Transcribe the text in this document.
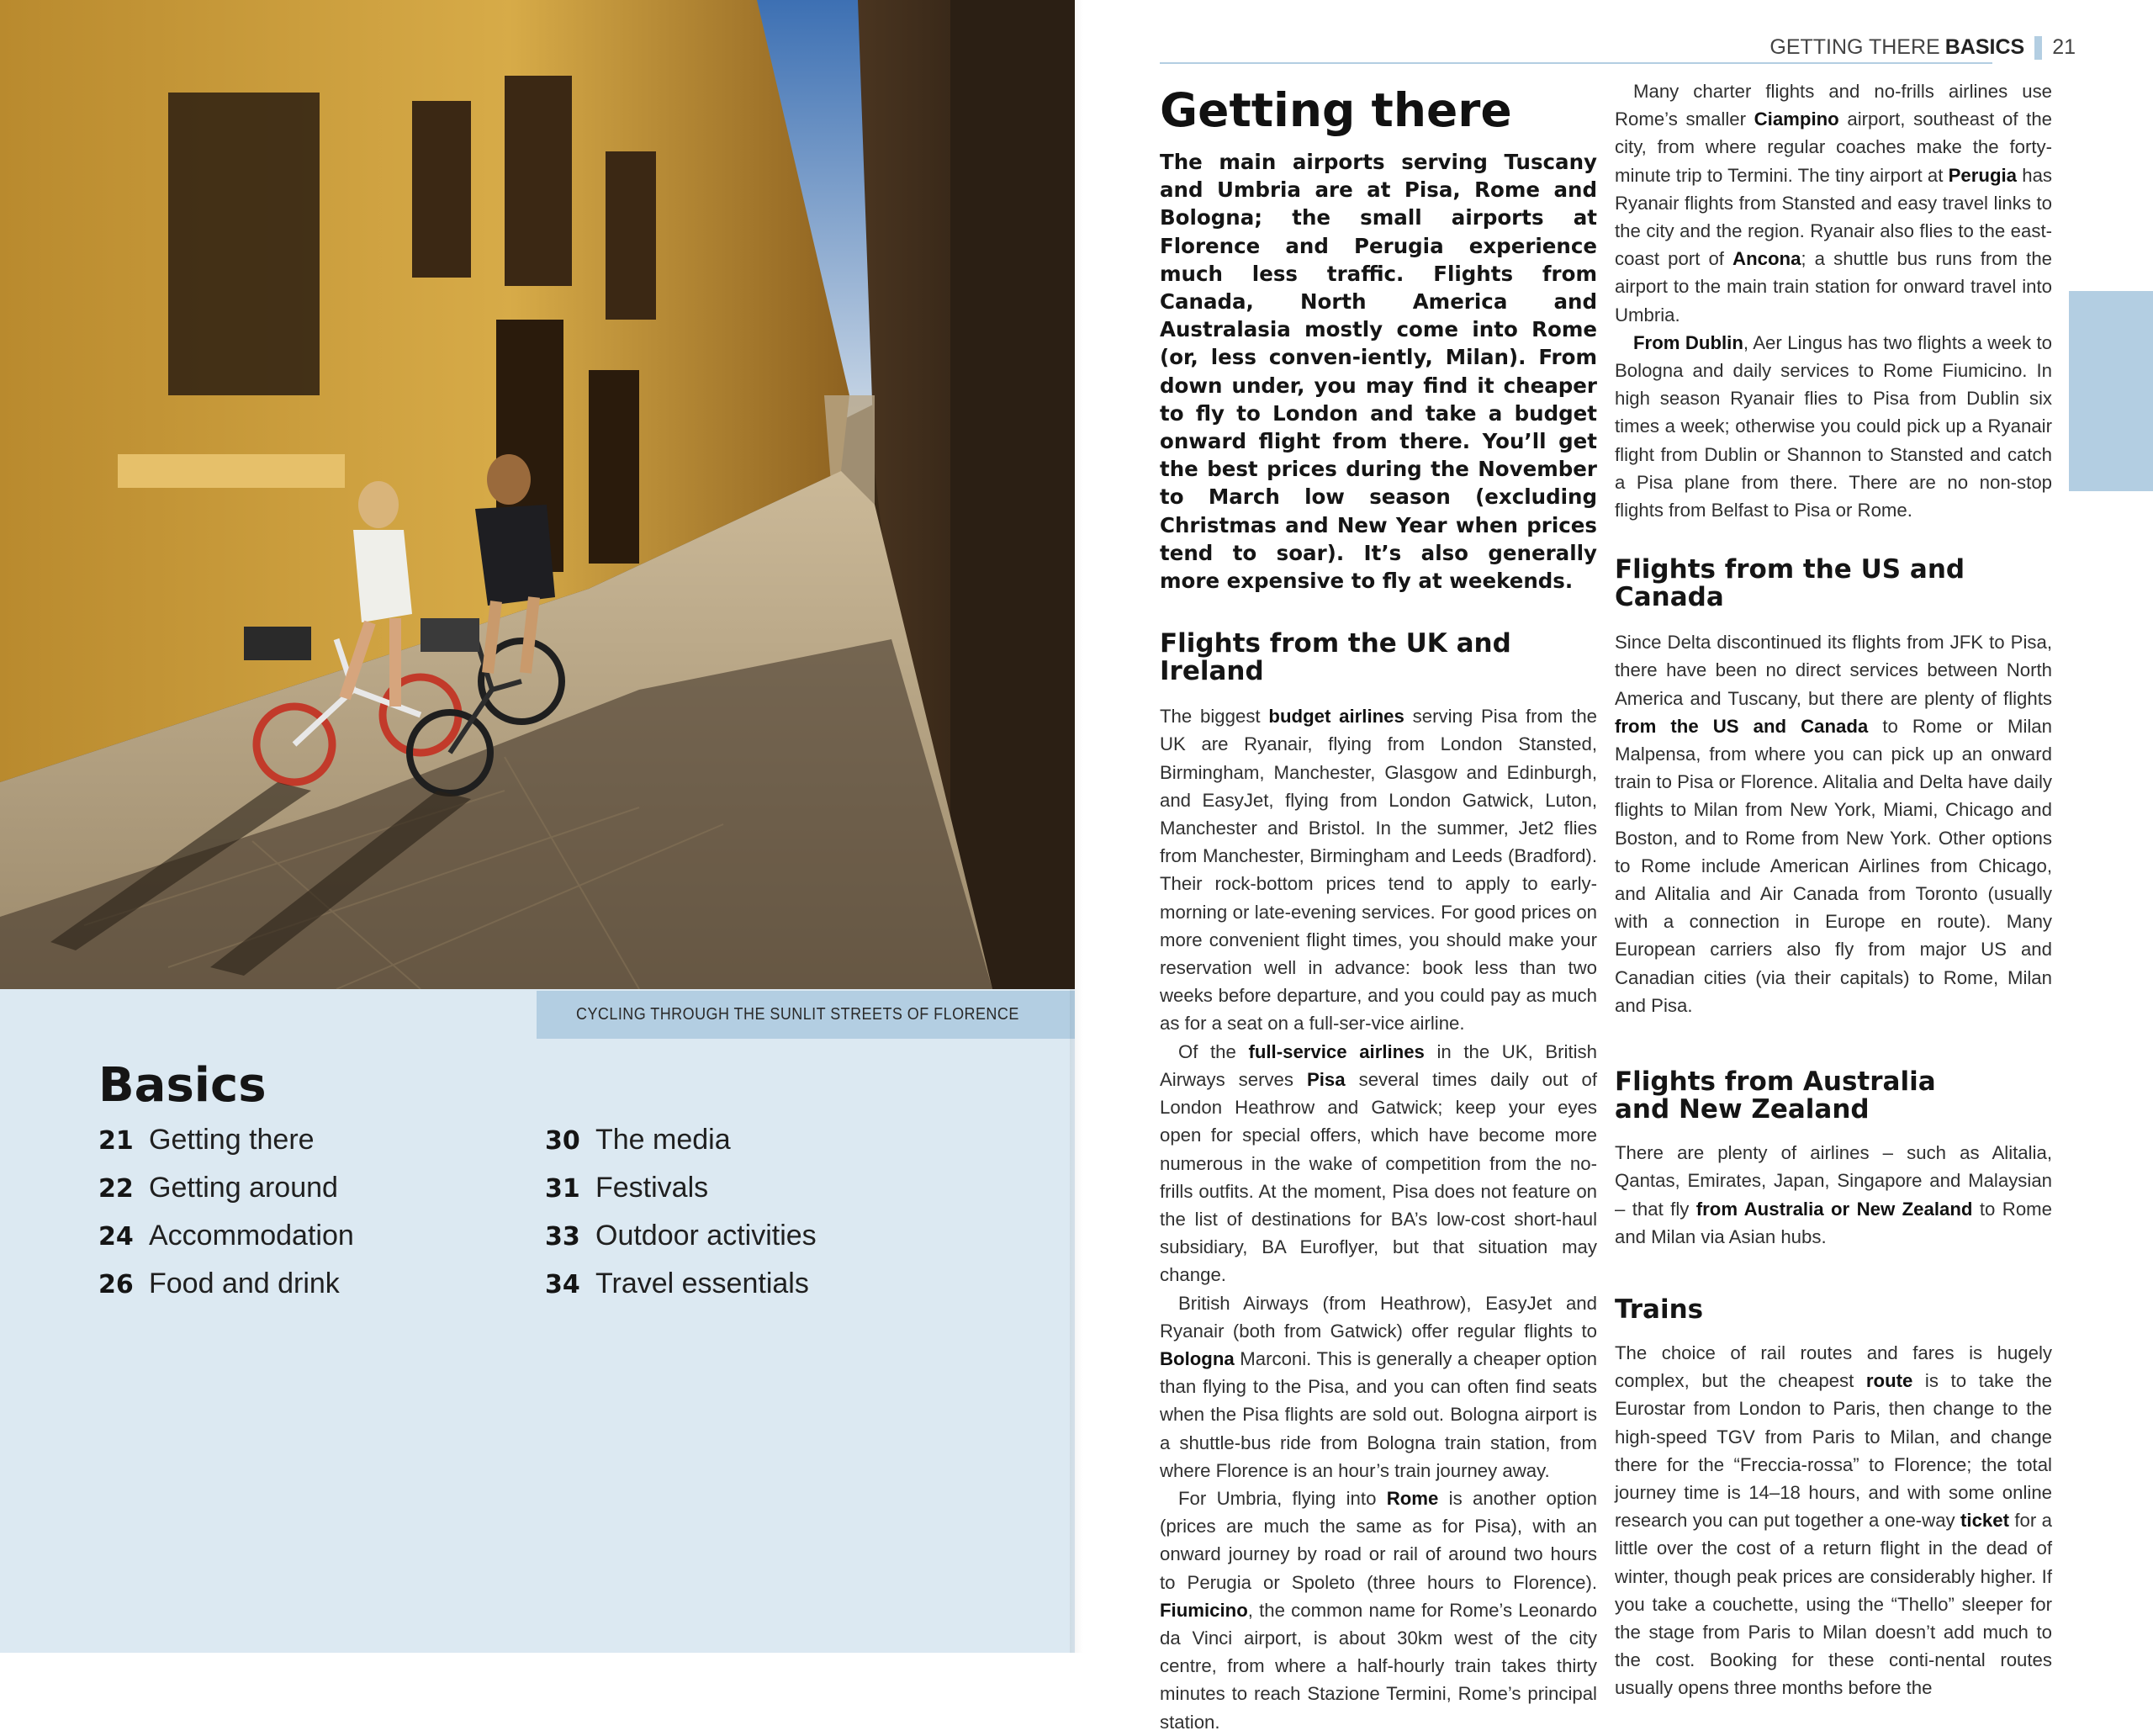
CYCLING THROUGH THE SUNLIT STREETS OF FLORENCE
Basics
21 Getting there
22 Getting around
24 Accommodation
26 Food and drink
30 The media
31 Festivals
33 Outdoor activities
34 Travel essentials
GETTING THERE BASICS 21
Getting there

The main airports serving Tuscany and Umbria are at Pisa, Rome and Bologna; the small airports at Florence and Perugia experience much less traffic. Flights from Canada, North America and Australasia mostly come into Rome (or, less conven-iently, Milan). From down under, you may find it cheaper to fly to London and take a budget onward flight from there. You’ll get the best prices during the November to March low season (excluding Christmas and New Year when prices tend to soar). It’s also generally more expensive to fly at weekends.

Flights from the UK and Ireland

The biggest budget airlines serving Pisa from the UK are Ryanair, flying from London Stansted, Birmingham, Manchester, Glasgow and Edinburgh, and EasyJet, flying from London Gatwick, Luton, Manchester and Bristol. In the summer, Jet2 flies from Manchester, Birmingham and Leeds (Bradford). Their rock-bottom prices tend to apply to early-morning or late-evening services. For good prices on more convenient flight times, you should make your reservation well in advance: book less than two weeks before departure, and you could pay as much as for a seat on a full-ser-vice airline.

Of the full-service airlines in the UK, British Airways serves Pisa several times daily out of London Heathrow and Gatwick; keep your eyes open for special offers, which have become more numerous in the wake of competition from the no-frills outfits. At the moment, Pisa does not feature on the list of destinations for BA’s low-cost short-haul subsidiary, BA Euroflyer, but that situation may change.

British Airways (from Heathrow), EasyJet and Ryanair (both from Gatwick) offer regular flights to Bologna Marconi. This is generally a cheaper option than flying to the Pisa, and you can often find seats when the Pisa flights are sold out. Bologna airport is a shuttle-bus ride from Bologna train station, from where Florence is an hour’s train journey away.

For Umbria, flying into Rome is another option (prices are much the same as for Pisa), with an onward journey by road or rail of around two hours to Perugia or Spoleto (three hours to Florence). Fiumicino, the common name for Rome’s Leonardo da Vinci airport, is about 30km west of the city centre, from where a half-hourly train takes thirty minutes to reach Stazione Termini, Rome’s principal station.

Many charter flights and no-frills airlines use Rome’s smaller Ciampino airport, southeast of the city, from where regular coaches make the forty-minute trip to Termini. The tiny airport at Perugia has Ryanair flights from Stansted and easy travel links to the city and the region. Ryanair also flies to the east-coast port of Ancona; a shuttle bus runs from the airport to the main train station for onward travel into Umbria.

From Dublin, Aer Lingus has two flights a week to Bologna and daily services to Rome Fiumicino. In high season Ryanair flies to Pisa from Dublin six times a week; otherwise you could pick up a Ryanair flight from Dublin or Shannon to Stansted and catch a Pisa plane from there. There are no non-stop flights from Belfast to Pisa or Rome.

Flights from the US and Canada

Since Delta discontinued its flights from JFK to Pisa, there have been no direct services between North America and Tuscany, but there are plenty of flights from the US and Canada to Rome or Milan Malpensa, from where you can pick up an onward train to Pisa or Florence. Alitalia and Delta have daily flights to Milan from New York, Miami, Chicago and Boston, and to Rome from New York. Other options to Rome include American Airlines from Chicago, and Alitalia and Air Canada from Toronto (usually with a connection in Europe en route). Many European carriers also fly from major US and Canadian cities (via their capitals) to Rome, Milan and Pisa.

Flights from Australia
and New Zealand

There are plenty of airlines – such as Alitalia, Qantas, Emirates, Japan, Singapore and Malaysian – that fly from Australia or New Zealand to Rome and Milan via Asian hubs.

Trains

The choice of rail routes and fares is hugely complex, but the cheapest route is to take the Eurostar from London to Paris, then change to the high-speed TGV from Paris to Milan, and change there for the “Freccia-rossa” to Florence; the total journey time is 14–18 hours, and with some online research you can put together a one-way ticket for a little over the cost of a return flight in the dead of winter, though peak prices are considerably higher. If you take a couchette, using the “Thello” sleeper for the stage from Paris to Milan doesn’t add much to the cost. Booking for these conti-nental routes usually opens three months before the
